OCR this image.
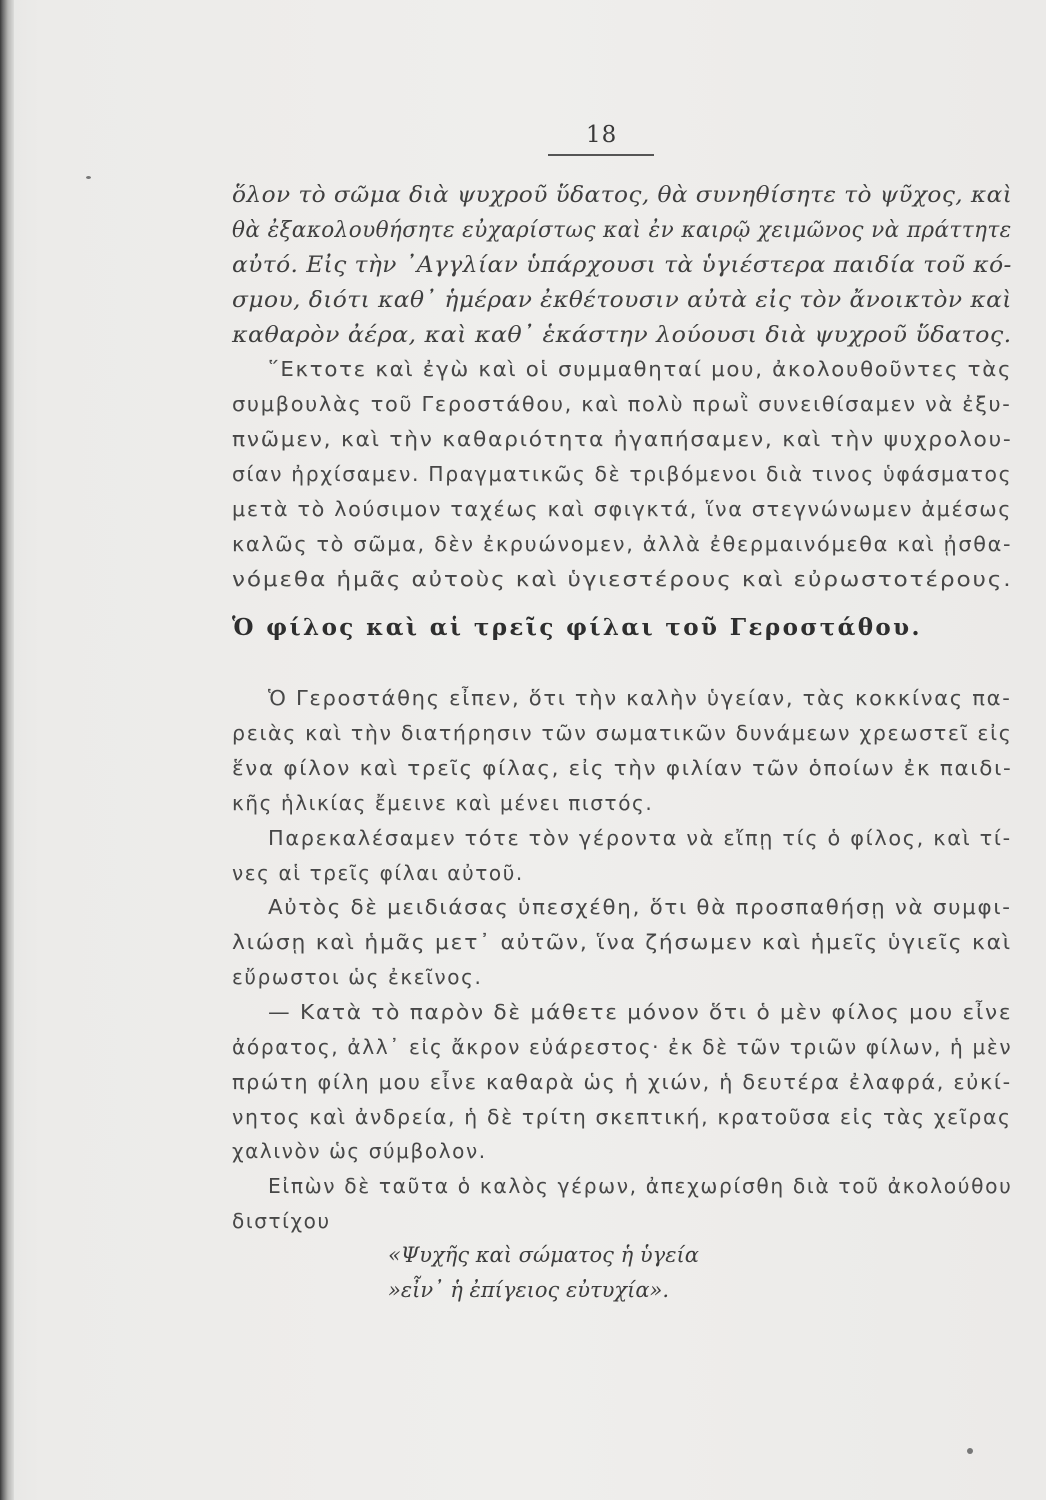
18
ὅλον τὸ σῶμα διὰ ψυχροῦ ὕδατος, θὰ συνηθίσητε τὸ ψῦχος, καὶ
θὰ ἐξακολουθήσητε εὐχαρίστως καὶ ἐν καιρῷ χειμῶνος νὰ πράττητε
αὐτό. Εἰς τὴν ᾿Αγγλίαν ὑπάρχουσι τὰ ὑγιέστερα παιδία τοῦ κό-
σμου, διότι καθ᾿ ἡμέραν ἐκθέτουσιν αὐτὰ εἰς τὸν ἄνοικτὸν καὶ
καθαρὸν ἀέρα, καὶ καθ᾿ ἑκάστην λούουσι διὰ ψυχροῦ ὕδατος.
῞Εκτοτε καὶ ἐγὼ καὶ οἱ συμμαθηταί μου, ἀκολουθοῦντες τὰς
συμβουλὰς τοῦ Γεροστάθου, καὶ πολὺ πρωῒ συνειθίσαμεν νὰ ἐξυ-
πνῶμεν, καὶ τὴν καθαριότητα ἠγαπήσαμεν, καὶ τὴν ψυχρολου-
σίαν ἠρχίσαμεν. Πραγματικῶς δὲ τριβόμενοι διὰ τινος ὑφάσματος
μετὰ τὸ λούσιμον ταχέως καὶ σφιγκτά, ἵνα στεγνώνωμεν ἀμέσως
καλῶς τὸ σῶμα, δὲν ἐκρυώνομεν, ἀλλὰ ἐθερμαινόμεθα καὶ ᾐσθα-
νόμεθα ἡμᾶς αὐτοὺς καὶ ὑγιεστέρους καὶ εὐρωστοτέρους.
Ὁ φίλος καὶ αἱ τρεῖς φίλαι τοῦ Γεροστάθου.
Ὁ Γεροστάθης εἶπεν, ὅτι τὴν καλὴν ὑγείαν, τὰς κοκκίνας πα-
ρειὰς καὶ τὴν διατήρησιν τῶν σωματικῶν δυνάμεων χρεωστεῖ εἰς
ἕνα φίλον καὶ τρεῖς φίλας, εἰς τὴν φιλίαν τῶν ὁποίων ἐκ παιδι-
κῆς ἡλικίας ἔμεινε καὶ μένει πιστός.
Παρεκαλέσαμεν τότε τὸν γέροντα νὰ εἴπῃ τίς ὁ φίλος, καὶ τί-
νες αἱ τρεῖς φίλαι αὐτοῦ.
Αὐτὸς δὲ μειδιάσας ὑπεσχέθη, ὅτι θὰ προσπαθήσῃ νὰ συμφι-
λιώσῃ καὶ ἡμᾶς μετ᾿ αὐτῶν, ἵνα ζήσωμεν καὶ ἡμεῖς ὑγιεῖς καὶ
εὔρωστοι ὡς ἐκεῖνος.
— Κατὰ τὸ παρὸν δὲ μάθετε μόνον ὅτι ὁ μὲν φίλος μου εἶνε
ἀόρατος, ἀλλ᾿ εἰς ἄκρον εὐάρεστος· ἐκ δὲ τῶν τριῶν φίλων, ἡ μὲν
πρώτη φίλη μου εἶνε καθαρὰ ὡς ἡ χιών, ἡ δευτέρα ἐλαφρά, εὐκί-
νητος καὶ ἀνδρεία, ἡ δὲ τρίτη σκεπτική, κρατοῦσα εἰς τὰς χεῖρας
χαλινὸν ὡς σύμβολον.
Εἰπὼν δὲ ταῦτα ὁ καλὸς γέρων, ἀπεχωρίσθη διὰ τοῦ ἀκολούθου
διστίχου
«Ψυχῆς καὶ σώματος ἡ ὑγεία
»εἶν᾿ ἡ ἐπίγειος εὐτυχία».
